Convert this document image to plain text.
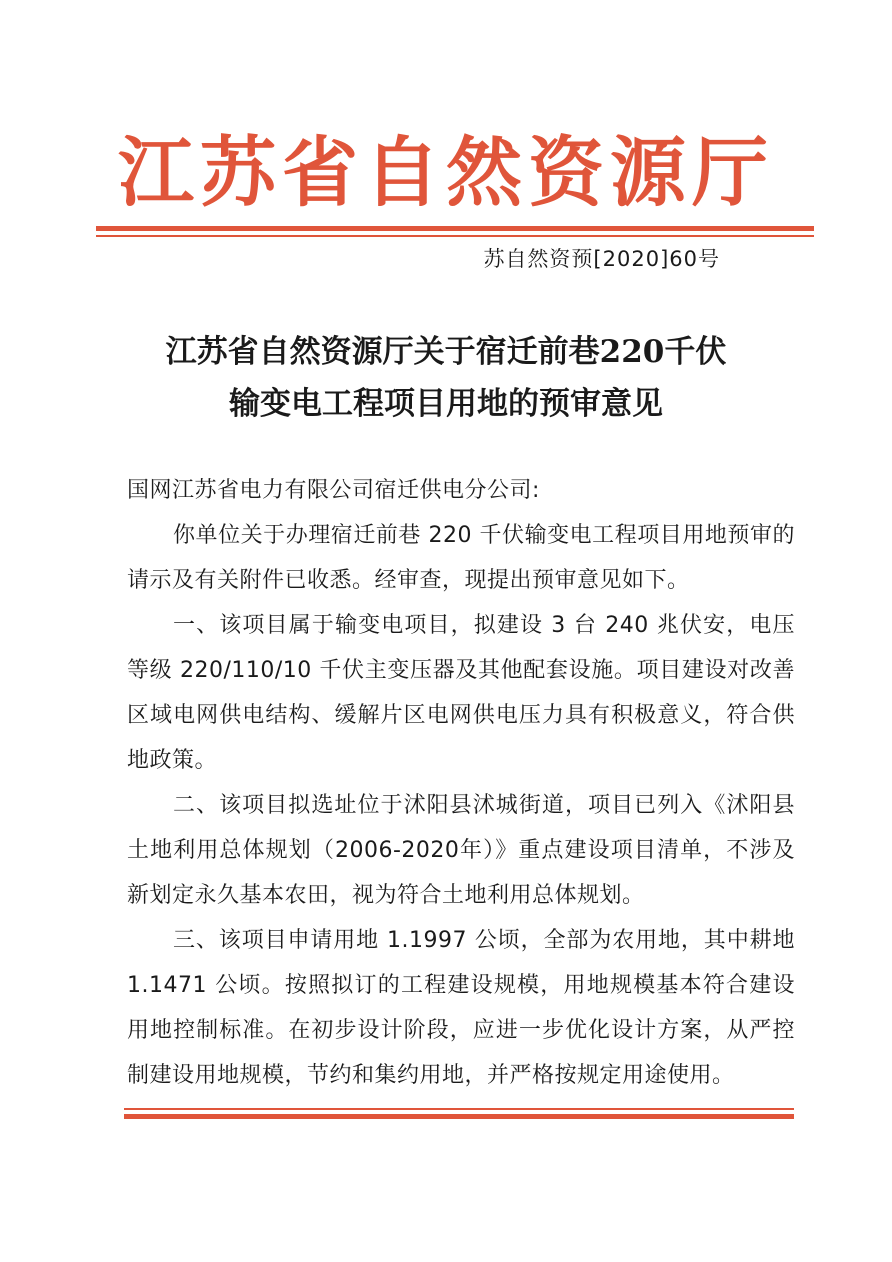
江苏省自然资源厅
苏自然资预[2020]60号
江苏省自然资源厅关于宿迁前巷220千伏
输变电工程项目用地的预审意见

国网江苏省电力有限公司宿迁供电分公司:

你单位关于办理宿迁前巷 220 千伏输变电工程项目用地预审的请示及有关附件已收悉。经审查，现提出预审意见如下。

一、该项目属于输变电项目，拟建设 3 台 240 兆伏安，电压等级 220/110/10 千伏主变压器及其他配套设施。项目建设对改善区域电网供电结构、缓解片区电网供电压力具有积极意义，符合供地政策。

二、该项目拟选址位于沭阳县沭城街道，项目已列入《沭阳县土地利用总体规划（2006-2020年）》重点建设项目清单，不涉及新划定永久基本农田，视为符合土地利用总体规划。

三、该项目申请用地 1.1997 公顷，全部为农用地，其中耕地 1.1471 公顷。按照拟订的工程建设规模，用地规模基本符合建设用地控制标准。在初步设计阶段，应进一步优化设计方案，从严控制建设用地规模，节约和集约用地，并严格按规定用途使用。
